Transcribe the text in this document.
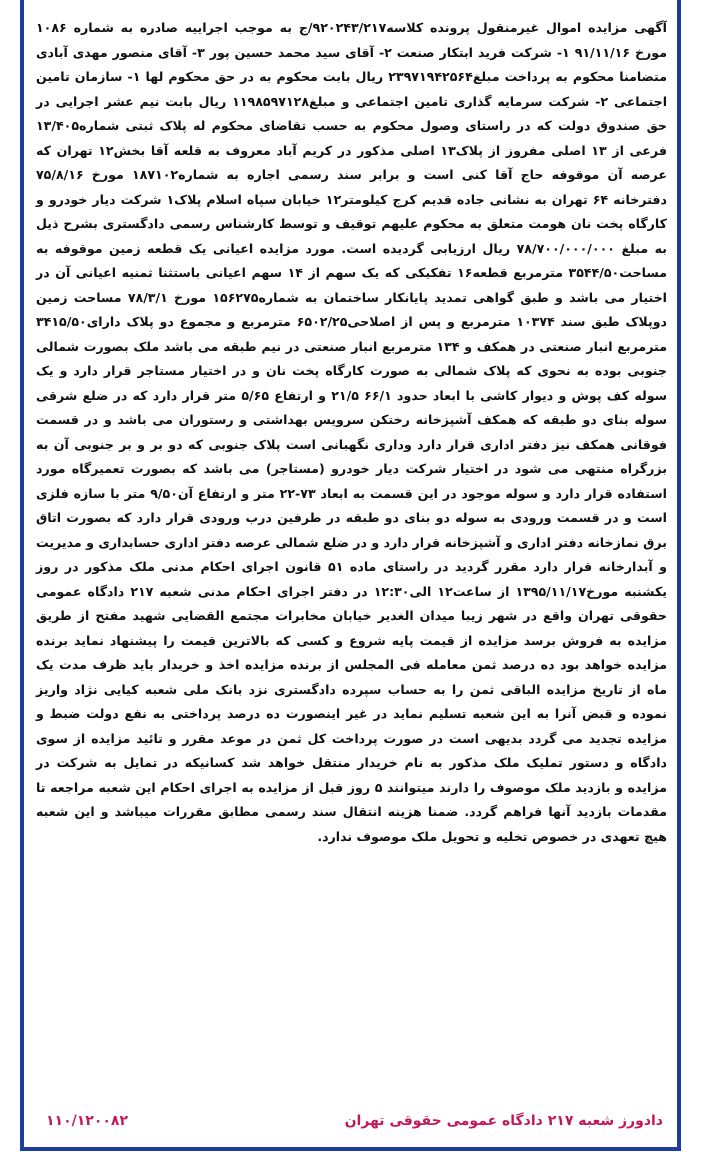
آگهی مزایده اموال غیرمنقول پرونده کلاسه۹۲۰۲۴۳/۲۱۷/ج به موجب اجراییه صادره به شماره ۱۰۸۶ مورخ ۹۱/۱۱/۱۶ ۱- شرکت فرید ابتکار صنعت ۲- آقای سید محمد حسین پور ۳- آقای منصور مهدی آبادی متضامنا محکوم به پرداخت مبلغ۲۳۹۷۱۹۴۲۵۶۴ ریال بابت محکوم به در حق محکوم لها ۱- سازمان تامین اجتماعی ۲- شرکت سرمایه گذاری تامین اجتماعی و مبلغ۱۱۹۸۵۹۷۱۲۸ ریال بابت نیم عشر اجرایی در حق صندوق دولت که در راستای وصول محکوم به حسب تقاضای محکوم له پلاک ثبتی شماره۱۳/۴۰۵ فرعی از ۱۳ اصلی مفروز از پلاک۱۳ اصلی مذکور در کریم آباد معروف به قلعه آقا بخش۱۲ تهران که عرصه آن موقوفه حاج آقا کنی است و برابر سند رسمی اجاره به شماره۱۸۷۱۰۲ مورخ ۷۵/۸/۱۶ دفترخانه ۶۴ تهران به نشانی جاده قدیم کرج کیلومتر۱۲ خیابان سپاه اسلام پلاک۱ شرکت دیار خودرو و کارگاه پخت نان هومت متعلق به محکوم علیهم توقیف و توسط کارشناس رسمی دادگستری بشرح ذیل به مبلغ ۷۸/۷۰۰/۰۰۰/۰۰۰ ریال ارزیابی گردیده است. مورد مزایده اعیانی یک قطعه زمین موقوفه به مساحت۳۵۴۴/۵۰ مترمربع قطعه۱۶ تفکیکی که یک سهم از ۱۴ سهم اعیانی باستثنا ثمنیه اعیانی آن در اختیار می باشد و طبق گواهی تمدید پایانکار ساختمان به شماره۱۵۶۲۷۵ مورخ ۷۸/۳/۱ مساحت زمین دوپلاک طبق سند ۱۰۳۷۴ مترمربع و پس از اصلاحی۶۵۰۲/۲۵ مترمربع و مجموع دو پلاک دارای۳۴۱۵/۵۰ مترمربع انبار صنعتی در همکف و ۱۳۴ مترمربع انبار صنعتی در نیم طبقه می باشد ملک بصورت شمالی جنوبی بوده به نحوی که پلاک شمالی به صورت کارگاه پخت نان و در اختیار مستاجر قرار دارد و یک سوله کف پوش و دیوار کاشی با ابعاد حدود ۶۶/۱ ۲۱/۵ و ارتفاع ۵/۶۵ متر قرار دارد که در ضلع شرقی سوله بنای دو طبقه که همکف آشپزخانه رختکن سرویس بهداشتی و رستوران می باشد و در قسمت فوقانی همکف نیز دفتر اداری قرار دارد وداری نگهبانی است پلاک جنوبی که دو بر و بر جنوبی آن به بزرگراه منتهی می شود در اختیار شرکت دیار خودرو (مستاجر) می باشد که بصورت تعمیرگاه مورد استفاده قرار دارد و سوله موجود در این قسمت به ابعاد ۷۳-۲۲ متر و ارتفاع آن۹/۵۰ متر با سازه فلزی است و در قسمت ورودی به سوله دو بنای دو طبقه در طرفین درب ورودی قرار دارد که بصورت اتاق برق نمازخانه دفتر اداری و آشپزخانه قرار دارد و در ضلع شمالی عرصه دفتر اداری حسابداری و مدیریت و آبدارخانه قرار دارد مقرر گردید در راستای ماده ۵۱ قانون اجرای احکام مدنی ملک مذکور در روز یکشنبه مورخ۱۳۹۵/۱۱/۱۷ از ساعت۱۲ الی۱۲:۳۰ در دفتر اجرای احکام مدنی شعبه ۲۱۷ دادگاه عمومی حقوقی تهران واقع در شهر زیبا میدان الغدیر خیابان مخابرات مجتمع القضایی شهید مفتح از طریق مزایده به فروش برسد مزایده از قیمت پایه شروع و کسی که بالاترین قیمت را پیشنهاد نماید برنده مزایده خواهد بود ده درصد ثمن معامله فی المجلس از برنده مزایده اخذ و خریدار باید ظرف مدت یک ماه از تاریخ مزایده الباقی ثمن را به حساب سپرده دادگستری نزد بانک ملی شعبه کیایی نژاد واریز نموده و قبض آنرا به این شعبه تسلیم نماید در غیر اینصورت ده درصد پرداختی به نفع دولت ضبط و مزایده تجدید می گردد بدیهی است در صورت پرداخت کل ثمن در موعد مقرر و تائید مزایده از سوی دادگاه و دستور تملیک ملک مذکور به نام خریدار منتقل خواهد شد کسانیکه در تمایل به شرکت در مزایده و بازدید ملک موصوف را دارند میتوانند ۵ روز قبل از مزایده به اجرای احکام این شعبه مراجعه تا مقدمات بازدید آنها فراهم گردد. ضمنا هزینه انتقال سند رسمی مطابق مقررات میباشد و این شعبه هیچ تعهدی در خصوص تخلیه و تحویل ملک موصوف ندارد.

دادورز شعبه ۲۱۷ دادگاه عمومی حقوقی تهران
۱۱۰/۱۲۰۰۸۲
